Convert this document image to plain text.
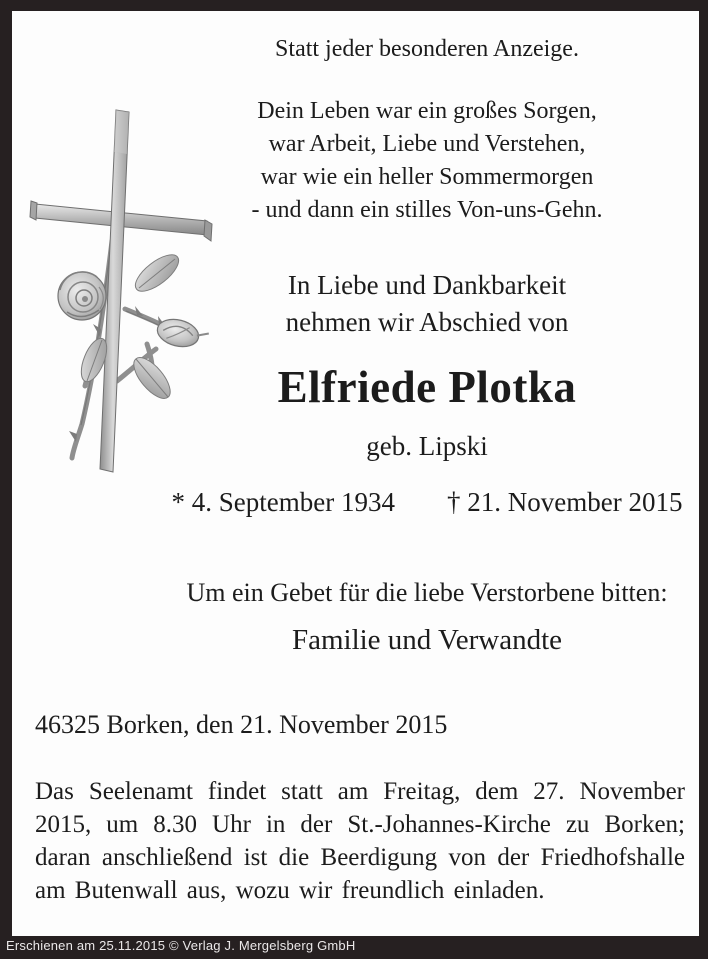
Statt jeder besonderen Anzeige.
Dein Leben war ein großes Sorgen,
war Arbeit, Liebe und Verstehen,
war wie ein heller Sommermorgen
- und dann ein stilles Von-uns-Gehn.
In Liebe und Dankbarkeit
nehmen wir Abschied von
Elfriede Plotka
geb. Lipski
* 4. September 1934 † 21. November 2015
Um ein Gebet für die liebe Verstorbene bitten:
Familie und Verwandte
46325 Borken, den 21. November 2015
Das Seelenamt findet statt am Freitag, dem 27. November 2015, um 8.30 Uhr in der St.-Johannes-Kirche zu Borken; daran anschließend ist die Beerdigung von der Friedhofshalle am Butenwall aus, wozu wir freundlich einladen.
Erschienen am 25.11.2015 © Verlag J. Mergelsberg GmbH
